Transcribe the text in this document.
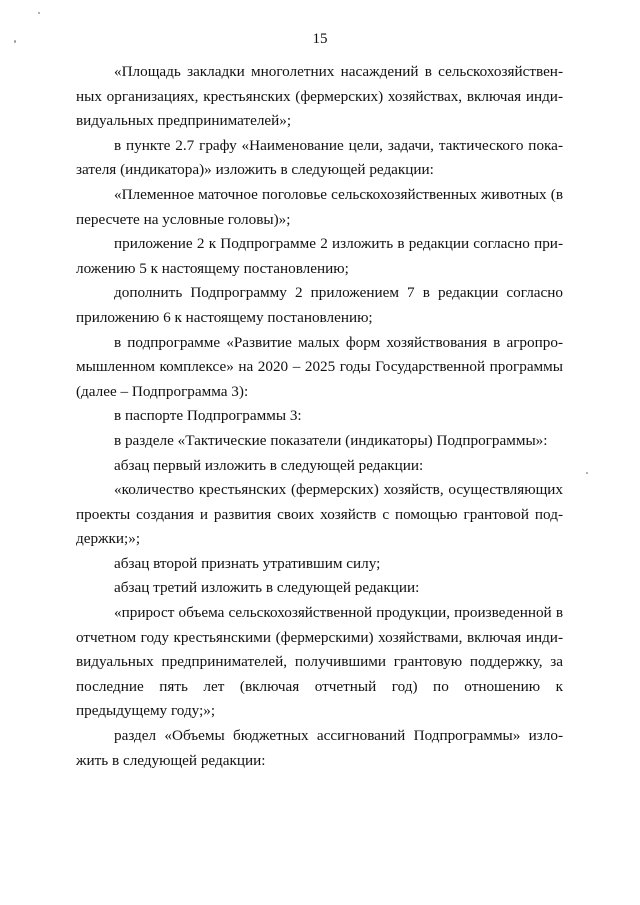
15

«Площадь закладки многолетних насаждений в сельскохозяйственных организациях, крестьянских (фермерских) хозяйствах, включая индивидуальных предпринимателей»;

в пункте 2.7 графу «Наименование цели, задачи, тактического показателя (индикатора)» изложить в следующей редакции:

«Племенное маточное поголовье сельскохозяйственных животных (в пересчете на условные головы)»;

приложение 2 к Подпрограмме 2 изложить в редакции согласно приложению 5 к настоящему постановлению;

дополнить Подпрограмму 2 приложением 7 в редакции согласно приложению 6 к настоящему постановлению;

в подпрограмме «Развитие малых форм хозяйствования в агропромышленном комплексе» на 2020 – 2025 годы Государственной программы (далее – Подпрограмма 3):

в паспорте Подпрограммы 3:

в разделе «Тактические показатели (индикаторы) Подпрограммы»:

абзац первый изложить в следующей редакции:

«количество крестьянских (фермерских) хозяйств, осуществляющих проекты создания и развития своих хозяйств с помощью грантовой поддержки;»;

абзац второй признать утратившим силу;

абзац третий изложить в следующей редакции:

«прирост объема сельскохозяйственной продукции, произведенной в отчетном году крестьянскими (фермерскими) хозяйствами, включая индивидуальных предпринимателей, получившими грантовую поддержку, за последние пять лет (включая отчетный год) по отношению к предыдущему году;»;

раздел «Объемы бюджетных ассигнований Подпрограммы» изложить в следующей редакции:
